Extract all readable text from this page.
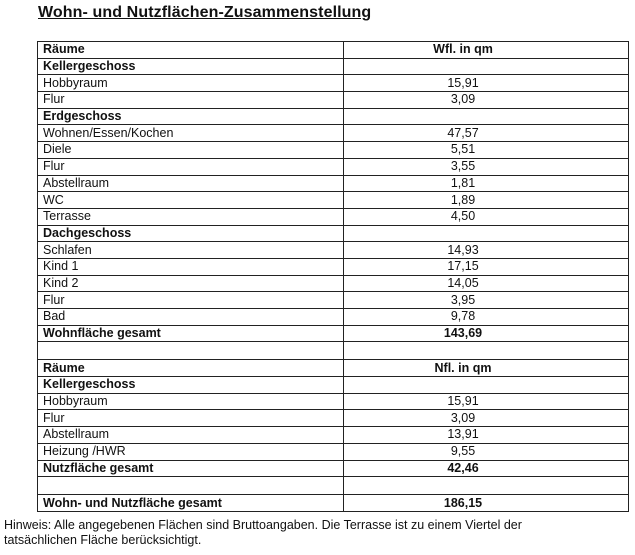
Wohn- und Nutzflächen-Zusammenstellung
Räume	Wfl. in qm
Kellergeschoss	
Hobbyraum	15,91
Flur	3,09
Erdgeschoss	
Wohnen/Essen/Kochen	47,57
Diele	5,51
Flur	3,55
Abstellraum	1,81
WC	1,89
Terrasse	4,50
Dachgeschoss	
Schlafen	14,93
Kind 1	17,15
Kind 2	14,05
Flur	3,95
Bad	9,78
Wohnfläche gesamt	143,69

Räume	Nfl. in qm
Kellergeschoss	
Hobbyraum	15,91
Flur	3,09
Abstellraum	13,91
Heizung /HWR	9,55
Nutzfläche gesamt	42,46

Wohn- und Nutzfläche gesamt	186,15
Hinweis: Alle angegebenen Flächen sind Bruttoangaben. Die Terrasse ist zu einem Viertel der
tatsächlichen Fläche berücksichtigt.
